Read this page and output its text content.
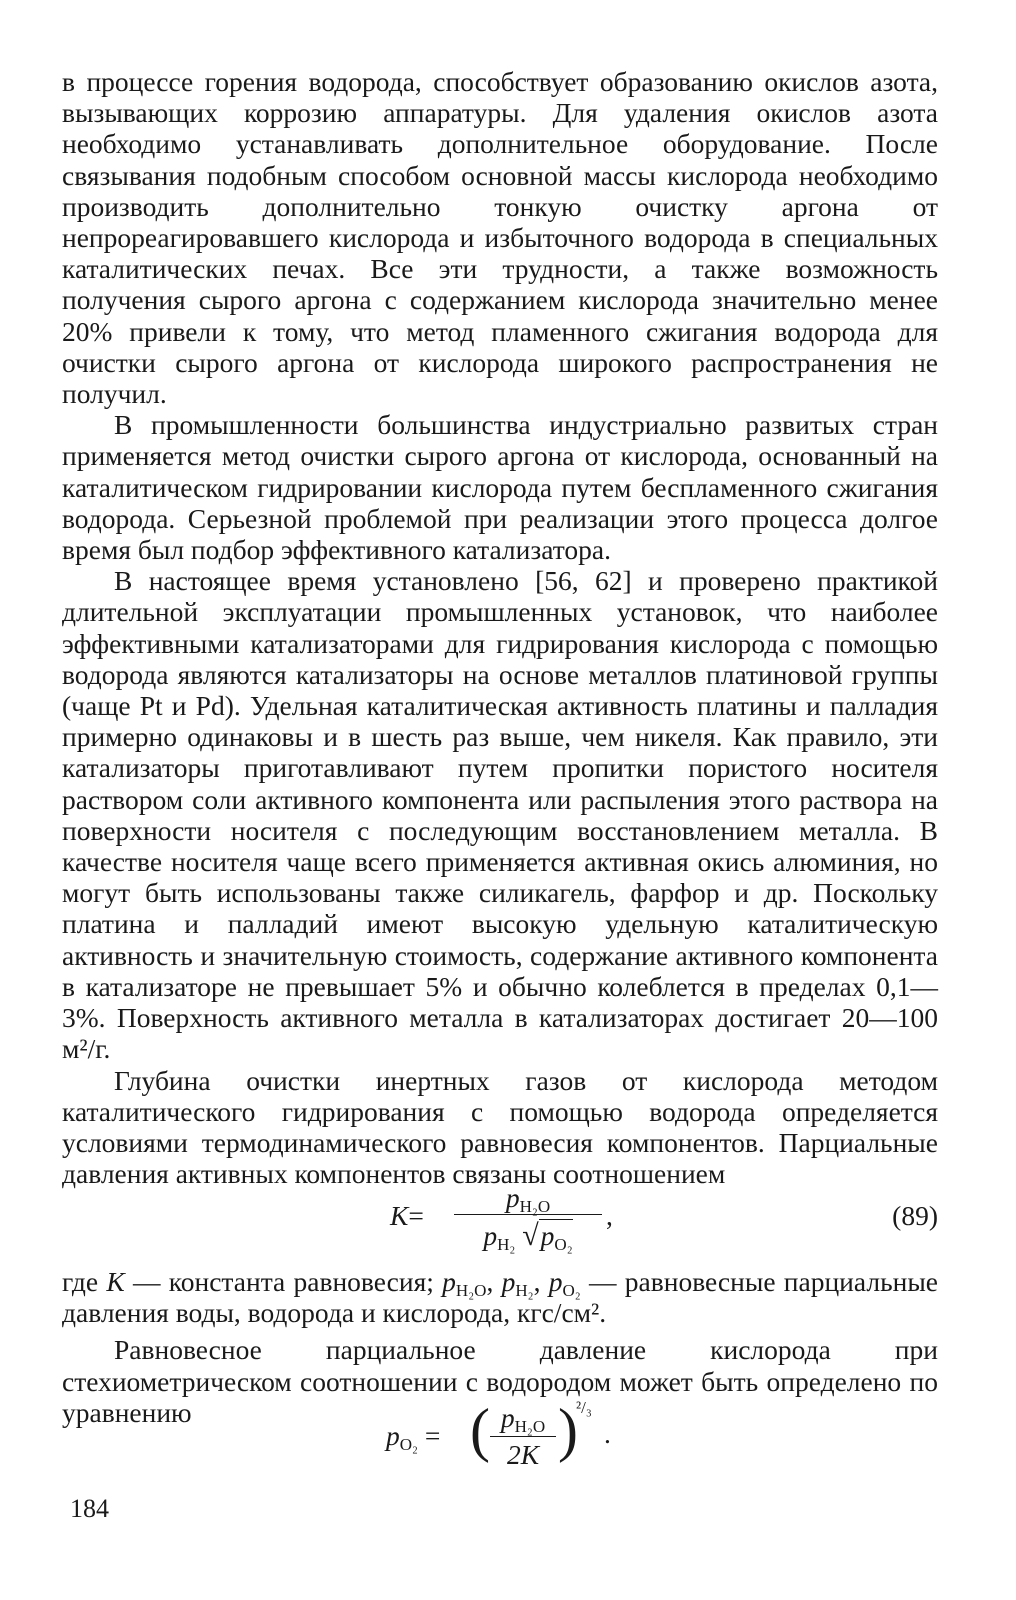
в процессе горения водорода, способствует образованию окислов азота, вызывающих коррозию аппаратуры. Для удаления окислов азота необходимо устанавливать дополнительное оборудование. После связывания подобным способом основной массы кислорода необходимо производить дополнительно тонкую очистку аргона от непрореагировавшего кислорода и избыточного водорода в специальных каталитических печах. Все эти трудности, а также возможность получения сырого аргона с содержанием кислорода значительно менее 20% привели к тому, что метод пламенного сжигания водорода для очистки сырого аргона от кислорода широкого распространения не получил.

В промышленности большинства индустриально развитых стран применяется метод очистки сырого аргона от кислорода, основанный на каталитическом гидрировании кислорода путем беспламенного сжигания водорода. Серьезной проблемой при реализации этого процесса долгое время был подбор эффективного катализатора.

В настоящее время установлено [56, 62] и проверено практикой длительной эксплуатации промышленных установок, что наиболее эффективными катализаторами для гидрирования кислорода с помощью водорода являются катализаторы на основе металлов платиновой группы (чаще Pt и Pd). Удельная каталитическая активность платины и палладия примерно одинаковы и в шесть раз выше, чем никеля. Как правило, эти катализаторы приготавливают путем пропитки пористого носителя раствором соли активного компонента или распыления этого раствора на поверхности носителя с последующим восстановлением металла. В качестве носителя чаще всего применяется активная окись алюминия, но могут быть использованы также силикагель, фарфор и др. Поскольку платина и палладий имеют высокую удельную каталитическую активность и значительную стоимость, содержание активного компонента в катализаторе не превышает 5% и обычно колеблется в пределах 0,1—3%. Поверхность активного металла в катализаторах достигает 20—100 м²/г.

Глубина очистки инертных газов от кислорода методом каталитического гидрирования с помощью водорода определяется условиями термодинамического равновесия компонентов. Парциальные давления активных компонентов связаны соотношением

K=
$p_{H_2O}$
$p_{H_2}$ $√p_{O_2}$
,	(89)

где K — константа равновесия; $p_{H_2O}$, $p_{H_2}$, $p_{O_2}$ — равновесные парциальные давления воды, водорода и кислорода, кгс/см².

Равновесное парциальное давление кислорода при стехиометрическом соотношении с водородом может быть определено по уравнению

$p_{O_2}$ = ( $p_{H_2O}$
2K )
²/₃
.
184
